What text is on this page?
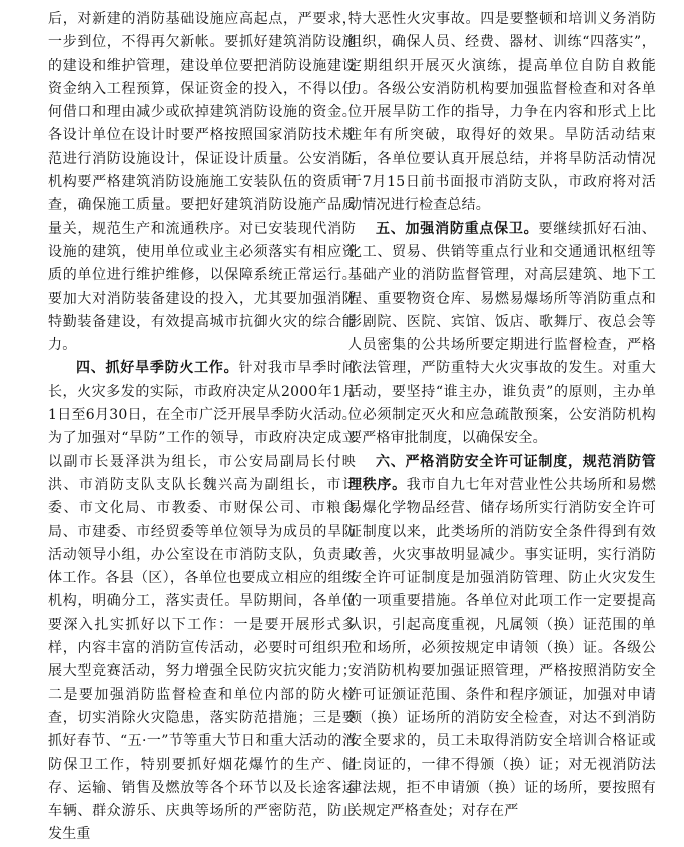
后，对新建的消防基础设施应高起点，严要求，一步到位，不得再欠新帐。要抓好建筑消防设施的建设和维护管理，建设单位要把消防设施建设资金纳入工程预算，保证资金的投入，不得以任何借口和理由减少或砍掉建筑消防设施的资金。各设计单位在设计时要严格按照国家消防技术规范进行消防设施设计，保证设计质量。公安消防机构要严格建筑消防设施施工安装队伍的资质审查，确保施工质量。要把好建筑消防设施产品质量关，规范生产和流通秩序。对已安装现代消防设施的建筑，使用单位或业主必须落实有相应资质的单位进行维护维修，以保障系统正常运行。要加大对消防装备建设的投入，尤其要加强消防特勤装备建设，有效提高城市抗御火灾的综合能力。

四、抓好旱季防火工作。针对我市旱季时间长，火灾多发的实际，市政府决定从2000年1月1日至6月30日，在全市广泛开展旱季防火活动。为了加强对“旱防”工作的领导，市政府决定成立以副市长聂泽洪为组长，市公安局副局长付映洪、市消防支队支队长魏兴高为副组长，市计委、市文化局、市教委、市财保公司、市粮食局、市建委、市经贸委等单位领导为成员的旱防活动领导小组，办公室设在市消防支队，负责具体工作。各县（区），各单位也要成立相应的组织机构，明确分工，落实责任。旱防期间，各单位要深入扎实抓好以下工作：一是要开展形式多样，内容丰富的消防宣传活动，必要时可组织开展大型竞赛活动，努力增强全民防灾抗灾能力；二是要加强消防监督检查和单位内部的防火检查，切实消除火灾隐患，落实防范措施；三是要抓好春节、“五·一”节等重大节日和重大活动的消防保卫工作，特别要抓好烟花爆竹的生产、储存、运输、销售及燃放等各个环节以及长途客运车辆、群众游乐、庆典等场所的严密防范，防止发生重

特大恶性火灾事故。四是要整顿和培训义务消防组织，确保人员、经费、器材、训练“四落实”，定期组织开展灭火演练，提高单位自防自救能力。各级公安消防机构要加强监督检查和对各单位开展旱防工作的指导，力争在内容和形式上比往年有所突破，取得好的效果。旱防活动结束后，各单位要认真开展总结，并将旱防活动情况于7月15日前书面报市消防支队，市政府将对活动情况进行检查总结。

五、加强消防重点保卫。要继续抓好石油、化工、贸易、供销等重点行业和交通通讯枢纽等基础产业的消防监督管理，对高层建筑、地下工程、重要物资仓库、易燃易爆场所等消防重点和影剧院、医院、宾馆、饭店、歌舞厅、夜总会等人员密集的公共场所要定期进行监督检查，严格依法管理，严防重特大火灾事故的发生。对重大活动，要坚持“谁主办，谁负责”的原则，主办单位必须制定灭火和应急疏散预案，公安消防机构要严格审批制度，以确保安全。

六、严格消防安全许可证制度，规范消防管理秩序。我市自九七年对营业性公共场所和易燃易爆化学物品经营、储存场所实行消防安全许可证制度以来，此类场所的消防安全条件得到有效改善，火灾事故明显减少。事实证明，实行消防安全许可证制度是加强消防管理、防止火灾发生的一项重要措施。各单位对此项工作一定要提高认识，引起高度重视，凡属领（换）证范围的单位和场所，必须按规定申请领（换）证。各级公安消防机构要加强证照管理，严格按照消防安全许可证颁证范围、条件和程序颁证，加强对申请领（换）证场所的消防安全检查，对达不到消防安全要求的，员工未取得消防安全培训合格证或上岗证的，一律不得颁（换）证；对无视消防法律法规，拒不申请颁（换）证的场所，要按照有关规定严格查处；对存在严
